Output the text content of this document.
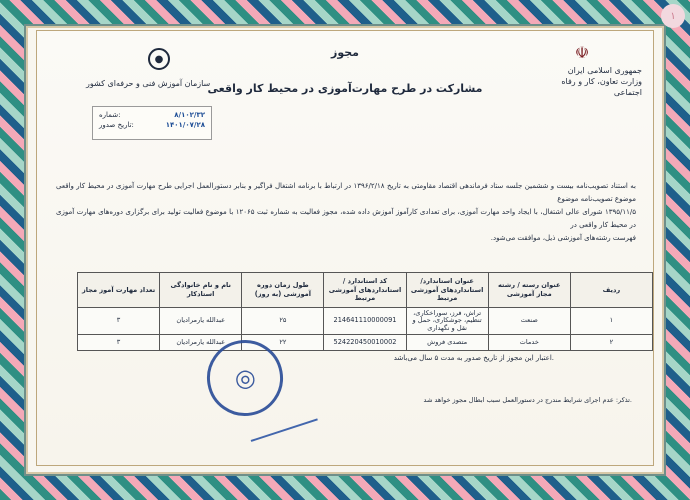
۱
مجوز
مشارکت در طرح مهارت‌آموزی در محیط کار واقعی
☫
جمهوری اسلامی ایران
وزارت تعاون، کار و رفاه اجتماعی
●
سازمان آموزش فنی و حرفه‌ای کشور
شماره:	۸/۱۰۲/۳۲
تاریخ صدور:	۱۴۰۱/۰۷/۲۸
به استناد تصویب‌نامه بیست و ششمین جلسه ستاد فرماندهی اقتصاد مقاومتی به تاریخ ۱۳۹۶/۲/۱۸ در ارتباط با برنامه اشتغال فراگیر و بنابر دستورالعمل اجرایی طرح مهارت آموزی در محیط کار واقعی موضوع تصویب‌نامه موضوع
۱۳۹۵/۱۱/۵ شورای عالی اشتغال، با ایجاد واحد مهارت آموزی، برای تعدادی کارآموز آموزش داده شده، مجوز فعالیت به شماره ثبت ۱۲۰۶۵ با موضوع فعالیت تولید برای برگزاری دوره‌های مهارت آموزی در محیط کار واقعی در
فهرست رشته‌های آموزشی ذیل، موافقت می‌شود.
ردیف	عنوان رسته / رشته مجاز آموزشی	عنوان استاندارد/ استانداردهای آموزشی مرتبط	کد استاندارد / استانداردهای آموزشی مرتبط	طول زمان دوره آموزشی (به روز)	نام و نام خانوادگی استادکار	تعداد مهارت آموز مجاز
۱	صنعت	تراش، فرز، سوراخکاری، تنظیم، جوشکاری، حمل و نقل و نگهداری	214641110000091	۲۵	عبدالله یارمرادیان	۳
۲	خدمات	متصدی فروش	524220450010002	۲۲	عبدالله یارمرادیان	۳
◎
اعتبار این مجوز از تاریخ صدور به مدت ۵ سال می‌باشد.
تذکر: عدم اجرای شرایط مندرج در دستورالعمل سبب ابطال مجوز خواهد شد.
